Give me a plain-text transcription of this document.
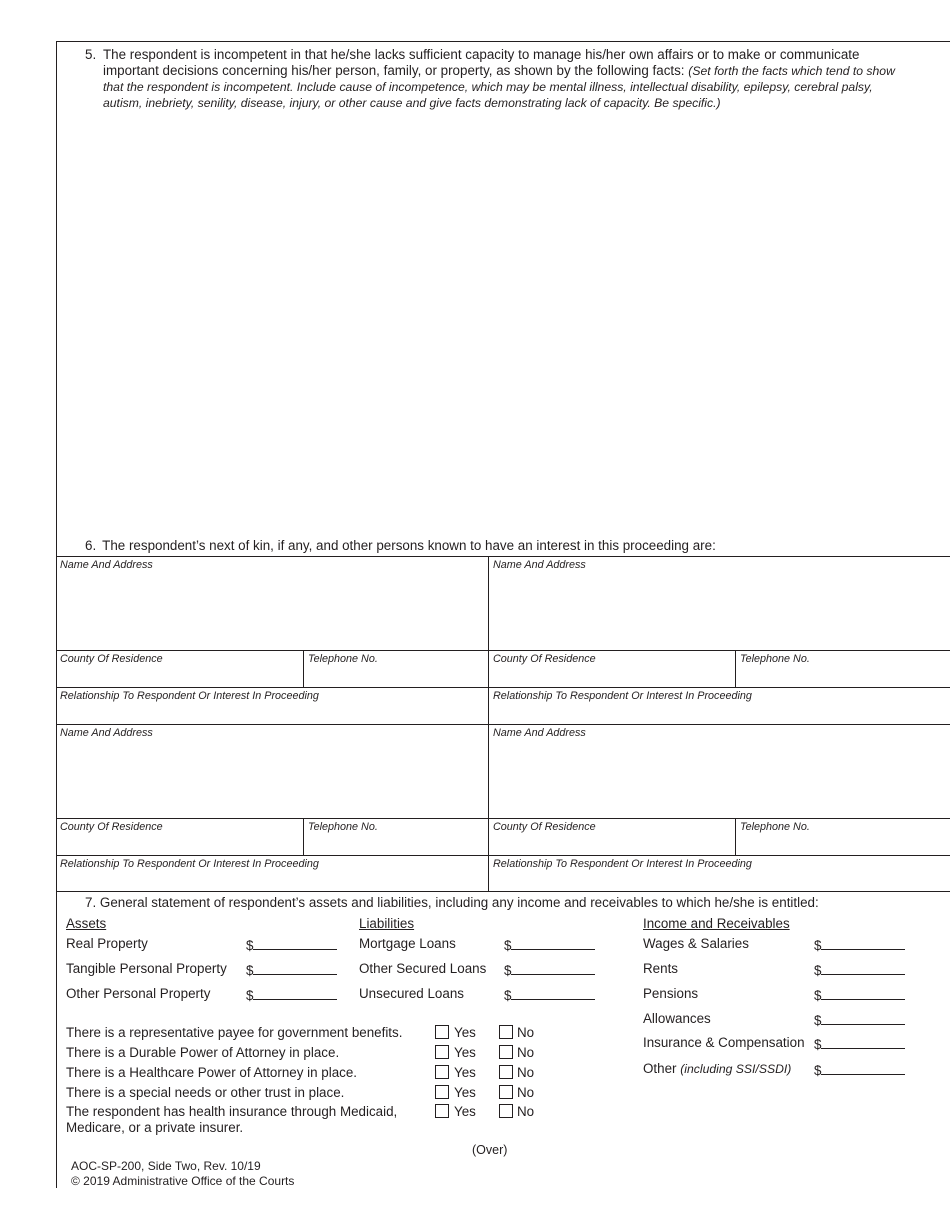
5. The respondent is incompetent in that he/she lacks sufficient capacity to manage his/her own affairs or to make or communicate important decisions concerning his/her person, family, or property, as shown by the following facts: (Set forth the facts which tend to show that the respondent is incompetent. Include cause of incompetence, which may be mental illness, intellectual disability, epilepsy, cerebral palsy, autism, inebriety, senility, disease, injury, or other cause and give facts demonstrating lack of capacity. Be specific.)
6. The respondent’s next of kin, if any, and other persons known to have an interest in this proceeding are:
Name And Address	Name And Address
County Of Residence	Telephone No.	County Of Residence	Telephone No.
Relationship To Respondent Or Interest In Proceeding	Relationship To Respondent Or Interest In Proceeding
Name And Address	Name And Address
County Of Residence	Telephone No.	County Of Residence	Telephone No.
Relationship To Respondent Or Interest In Proceeding	Relationship To Respondent Or Interest In Proceeding
7. General statement of respondent’s assets and liabilities, including any income and receivables to which he/she is entitled:
Assets
Real Property	$
Tangible Personal Property $
Other Personal Property	$
Liabilities
Mortgage Loans	$
Other Secured Loans $
Unsecured Loans	$
Income and Receivables
Wages & Salaries	$
Rents	$
Pensions	$
Allowances	$
Insurance & Compensation $
Other (including SSI/SSDI) $
There is a representative payee for government benefits.	Yes	No
There is a Durable Power of Attorney in place.	Yes	No
There is a Healthcare Power of Attorney in place.	Yes	No
There is a special needs or other trust in place.	Yes	No
The respondent has health insurance through Medicaid, Medicare, or a private insurer.
Yes	No
(Over)
AOC-SP-200, Side Two, Rev. 10/19
© 2019 Administrative Office of the Courts
